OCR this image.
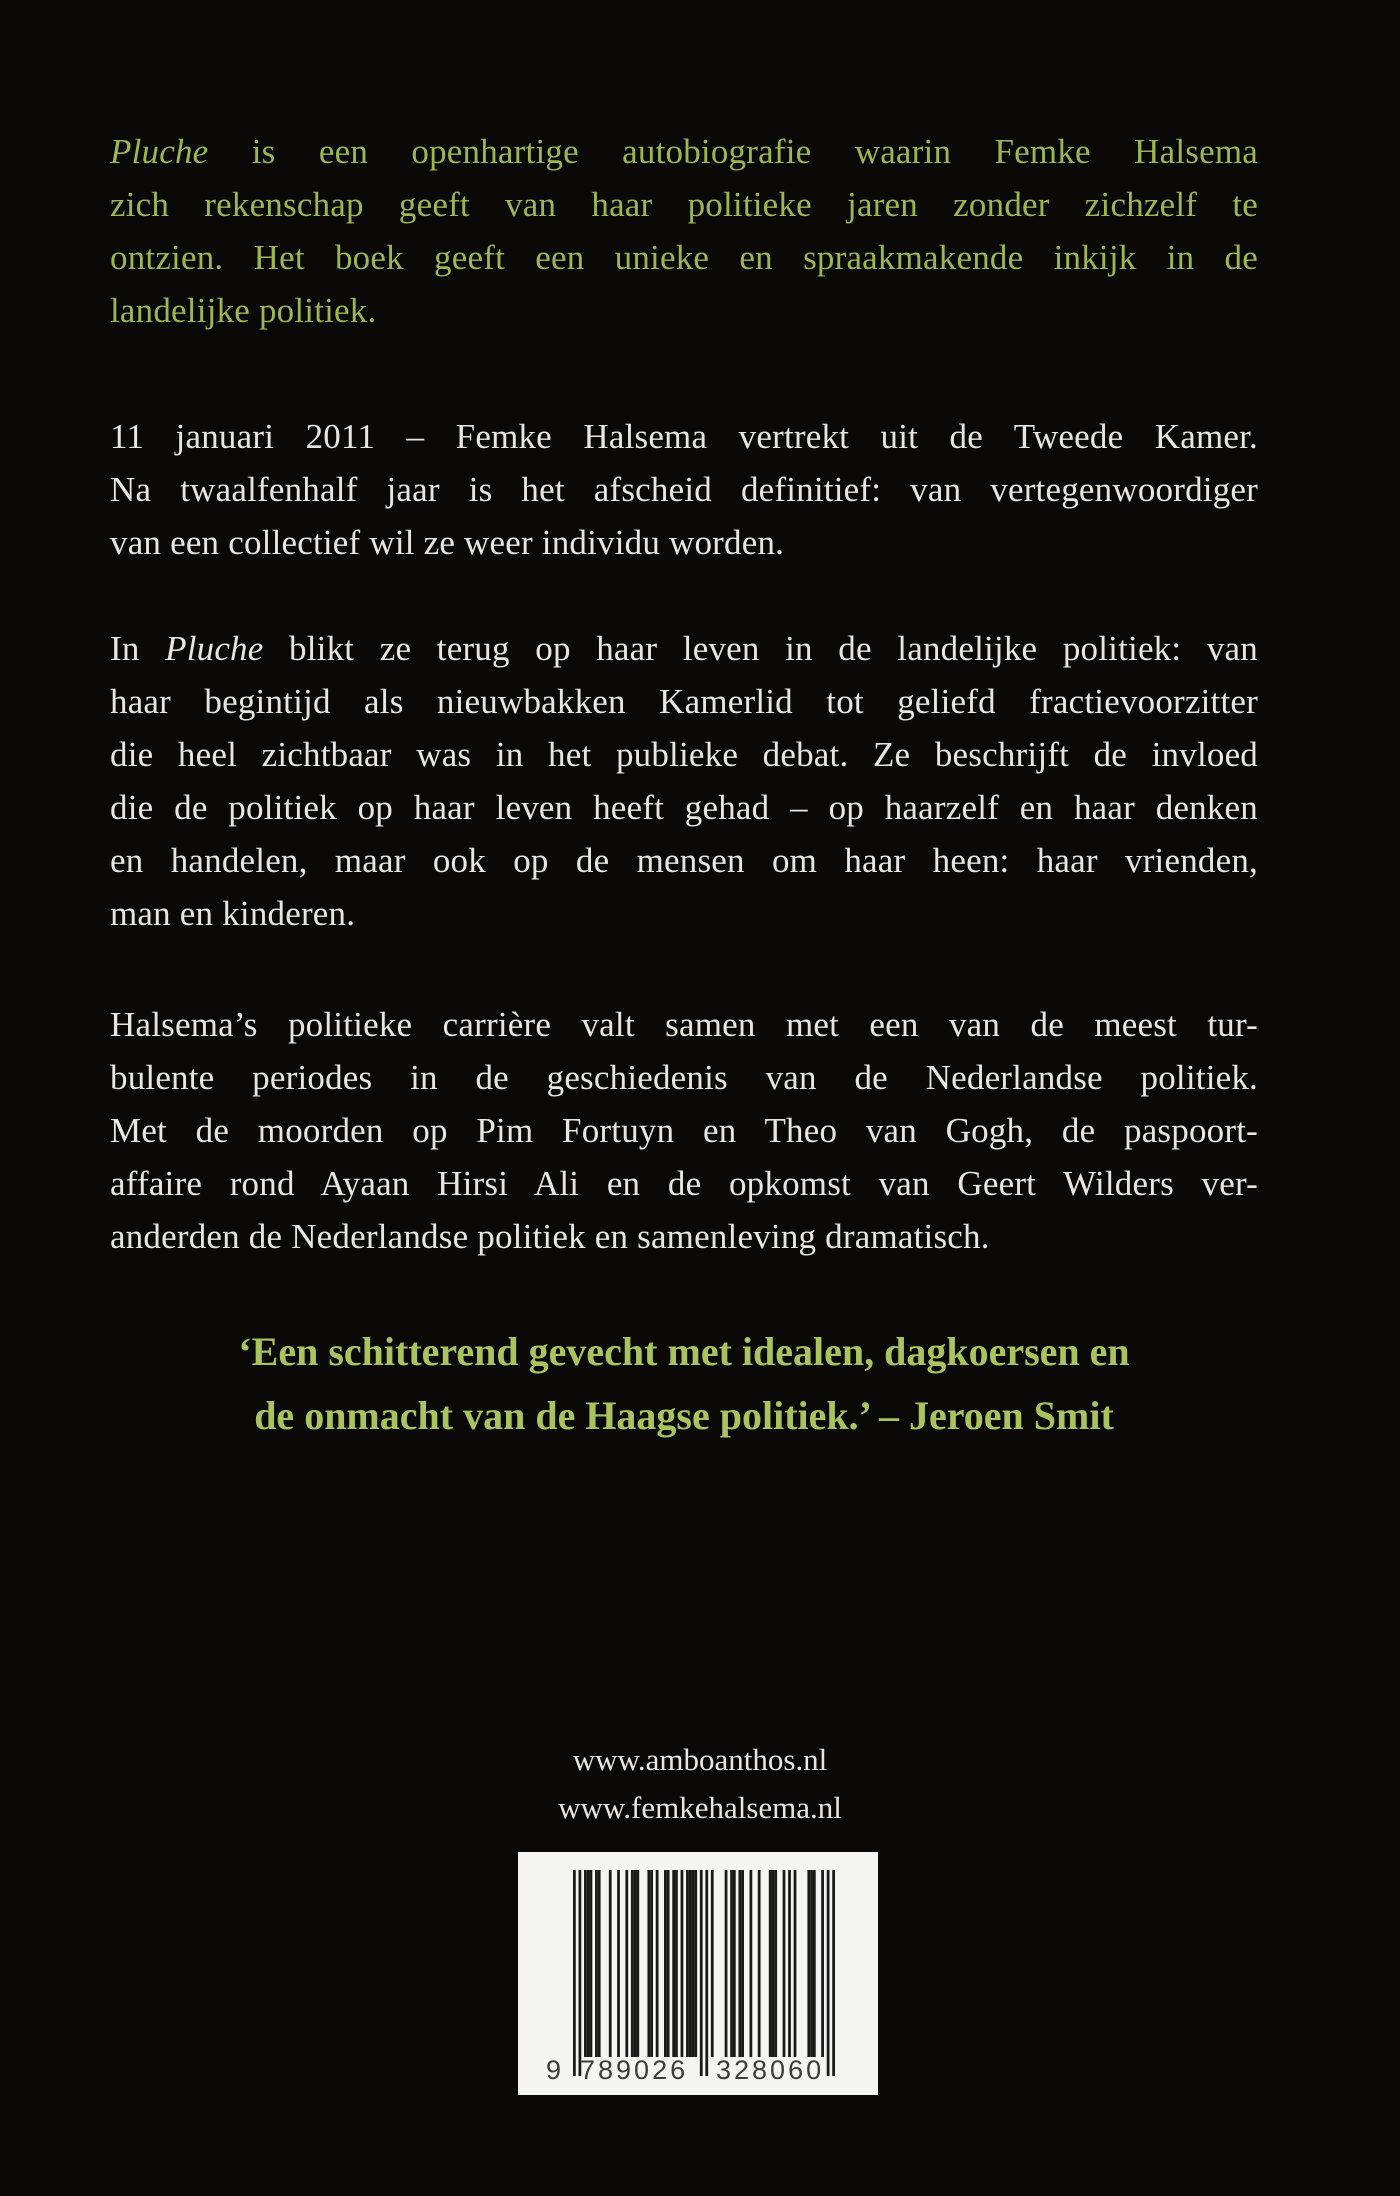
Pluche is een openhartige autobiografie waarin Femke Halsema
zich rekenschap geeft van haar politieke jaren zonder zichzelf te
ontzien. Het boek geeft een unieke en spraakmakende inkijk in de
landelijke politiek.
11 januari 2011 – Femke Halsema vertrekt uit de Tweede Kamer.
Na twaalfenhalf jaar is het afscheid definitief: van vertegenwoordiger
van een collectief wil ze weer individu worden.
In Pluche blikt ze terug op haar leven in de landelijke politiek: van
haar begintijd als nieuwbakken Kamerlid tot geliefd fractievoorzitter
die heel zichtbaar was in het publieke debat. Ze beschrijft de invloed
die de politiek op haar leven heeft gehad – op haarzelf en haar denken
en handelen, maar ook op de mensen om haar heen: haar vrienden,
man en kinderen.
Halsema’s politieke carrière valt samen met een van de meest tur-
bulente periodes in de geschiedenis van de Nederlandse politiek.
Met de moorden op Pim Fortuyn en Theo van Gogh, de paspoort-
affaire rond Ayaan Hirsi Ali en de opkomst van Geert Wilders ver-
anderden de Nederlandse politiek en samenleving dramatisch.
‘Een schitterend gevecht met idealen, dagkoersen en
de onmacht van de Haagse politiek.’ – Jeroen Smit
www.amboanthos.nl
www.femkehalsema.nl
9 789026 328060
